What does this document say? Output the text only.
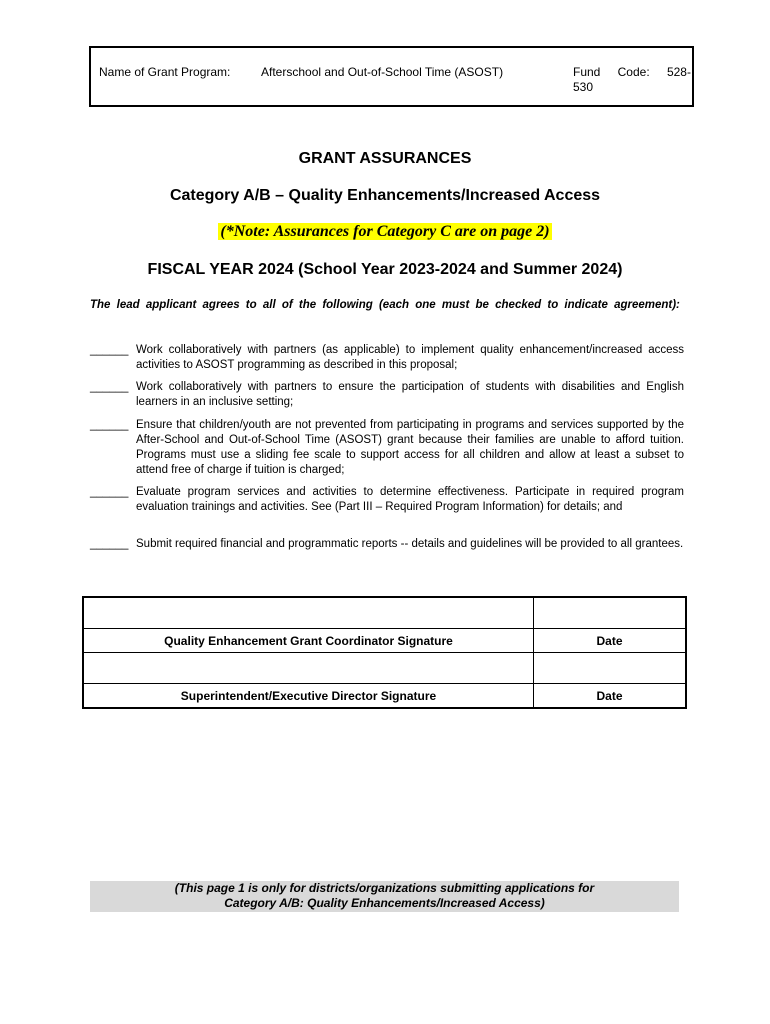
Name of Grant Program:	Afterschool and Out-of-School Time (ASOST)	Fund Code: 528-
530
GRANT ASSURANCES
Category A/B – Quality Enhancements/Increased Access
(*Note: Assurances for Category C are on page 2)
FISCAL YEAR 2024 (School Year 2023-2024 and Summer 2024)
The lead applicant agrees to all of the following (each one must be checked to indicate agreement):
______ Work collaboratively with partners (as applicable) to implement quality enhancement/increased access activities to ASOST programming as described in this proposal;
______ Work collaboratively with partners to ensure the participation of students with disabilities and English learners in an inclusive setting;
______ Ensure that children/youth are not prevented from participating in programs and services supported by the After-School and Out-of-School Time (ASOST) grant because their families are unable to afford tuition. Programs must use a sliding fee scale to support access for all children and allow at least a subset to attend free of charge if tuition is charged;
______ Evaluate program services and activities to determine effectiveness. Participate in required program evaluation trainings and activities. See (Part III – Required Program Information) for details; and
______ Submit required financial and programmatic reports -- details and guidelines will be provided to all grantees.

Quality Enhancement Grant Coordinator Signature	Date

Superintendent/Executive Director Signature	Date
(This page 1 is only for districts/organizations submitting applications for
Category A/B: Quality Enhancements/Increased Access)
